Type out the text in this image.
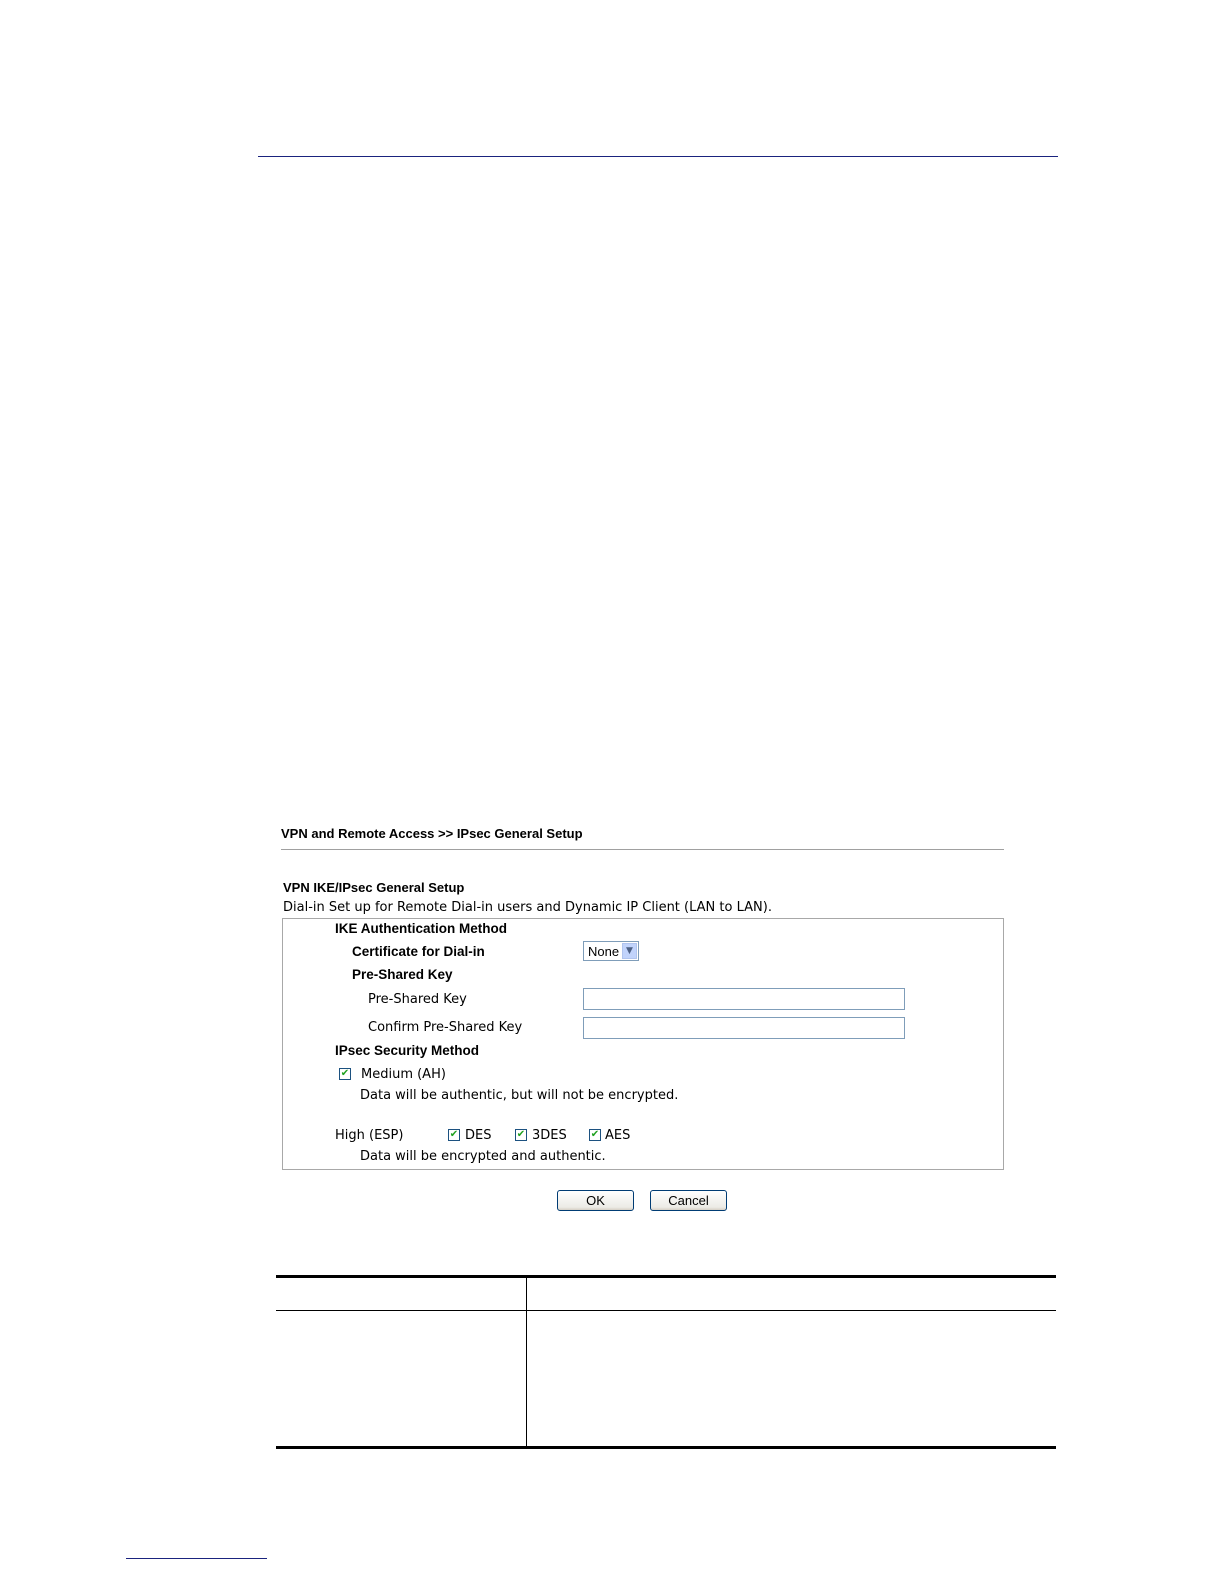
VPN and Remote Access >> IPsec General Setup
VPN IKE/IPsec General Setup
Dial-in Set up for Remote Dial-in users and Dynamic IP Client (LAN to LAN).
IKE Authentication Method
Certificate for Dial-in	None ▼
Pre-Shared Key
Pre-Shared Key
Confirm Pre-Shared Key
IPsec Security Method
✔ Medium (AH)
Data will be authentic, but will not be encrypted.
High (ESP)	✔ DES	✔ 3DES ✔ AES
Data will be encrypted and authentic.
OK	Cancel
